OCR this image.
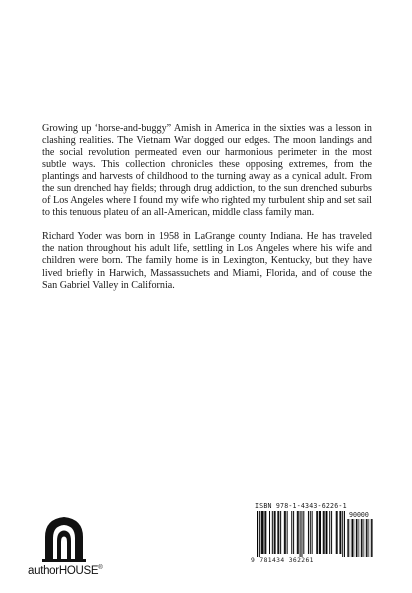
Growing up ‘horse-and-buggy” Amish in America in the sixties was a lesson in clashing realities. The Vietnam War dogged our edges. The moon landings and the social revolution permeated even our harmonious perimeter in the most subtle ways. This collection chronicles these opposing extremes, from the plantings and harvests of childhood to the turning away as a cynical adult. From the sun drenched hay fields; through drug addiction, to the sun drenched suburbs of Los Angeles where I found my wife who righted my turbulent ship and set sail to this tenuous plateu of an all-American, middle class family man.

Richard Yoder was born in 1958 in LaGrange county Indiana. He has traveled the nation throughout his adult life, settling in Los Angeles where his wife and children were born. The family home is in Lexington, Kentucky, but they have lived briefly in Harwich, Massassuchets and Miami, Florida, and of couse the San Gabriel Valley in California.

authorHOUSE®
ISBN 978-1-4343-6226-1
90000
9 781434 362261
